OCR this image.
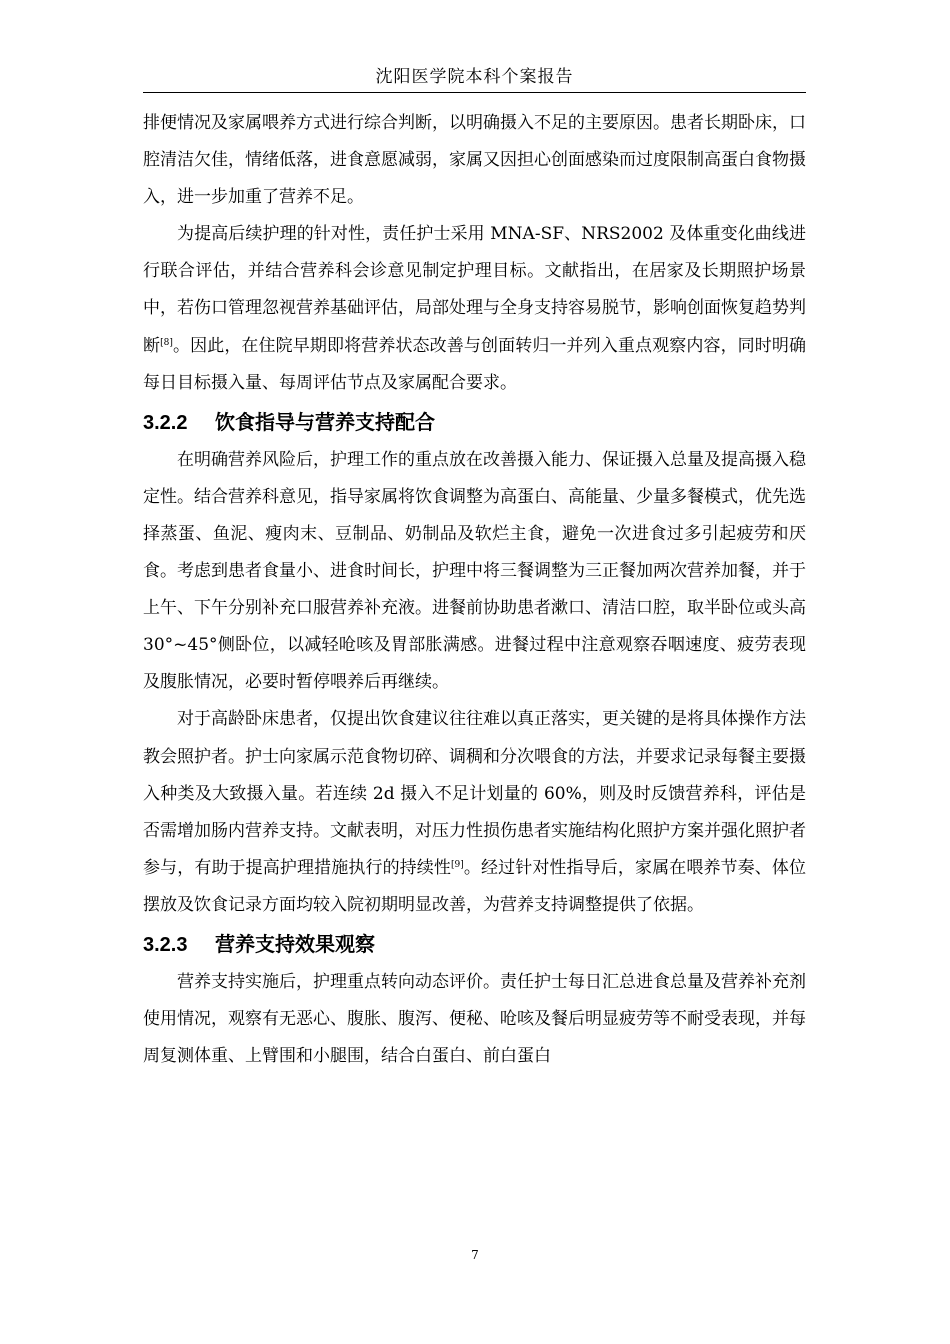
沈阳医学院本科个案报告

排便情况及家属喂养方式进行综合判断，以明确摄入不足的主要原因。患者长期卧床，口腔清洁欠佳，情绪低落，进食意愿减弱，家属又因担心创面感染而过度限制高蛋白食物摄入，进一步加重了营养不足。

为提高后续护理的针对性，责任护士采用 MNA-SF、NRS2002 及体重变化曲线进行联合评估，并结合营养科会诊意见制定护理目标。文献指出，在居家及长期照护场景中，若伤口管理忽视营养基础评估，局部处理与全身支持容易脱节，影响创面恢复趋势判断[8]。因此，在住院早期即将营养状态改善与创面转归一并列入重点观察内容，同时明确每日目标摄入量、每周评估节点及家属配合要求。

3.2.2 饮食指导与营养支持配合

在明确营养风险后，护理工作的重点放在改善摄入能力、保证摄入总量及提高摄入稳定性。结合营养科意见，指导家属将饮食调整为高蛋白、高能量、少量多餐模式，优先选择蒸蛋、鱼泥、瘦肉末、豆制品、奶制品及软烂主食，避免一次进食过多引起疲劳和厌食。考虑到患者食量小、进食时间长，护理中将三餐调整为三正餐加两次营养加餐，并于上午、下午分别补充口服营养补充液。进餐前协助患者漱口、清洁口腔，取半卧位或头高 30°~45°侧卧位，以减轻呛咳及胃部胀满感。进餐过程中注意观察吞咽速度、疲劳表现及腹胀情况，必要时暂停喂养后再继续。

对于高龄卧床患者，仅提出饮食建议往往难以真正落实，更关键的是将具体操作方法教会照护者。护士向家属示范食物切碎、调稠和分次喂食的方法，并要求记录每餐主要摄入种类及大致摄入量。若连续 2d 摄入不足计划量的 60%，则及时反馈营养科，评估是否需增加肠内营养支持。文献表明，对压力性损伤患者实施结构化照护方案并强化照护者参与，有助于提高护理措施执行的持续性[9]。经过针对性指导后，家属在喂养节奏、体位摆放及饮食记录方面均较入院初期明显改善，为营养支持调整提供了依据。

3.2.3 营养支持效果观察

营养支持实施后，护理重点转向动态评价。责任护士每日汇总进食总量及营养补充剂使用情况，观察有无恶心、腹胀、腹泻、便秘、呛咳及餐后明显疲劳等不耐受表现，并每周复测体重、上臂围和小腿围，结合白蛋白、前白蛋白

7
